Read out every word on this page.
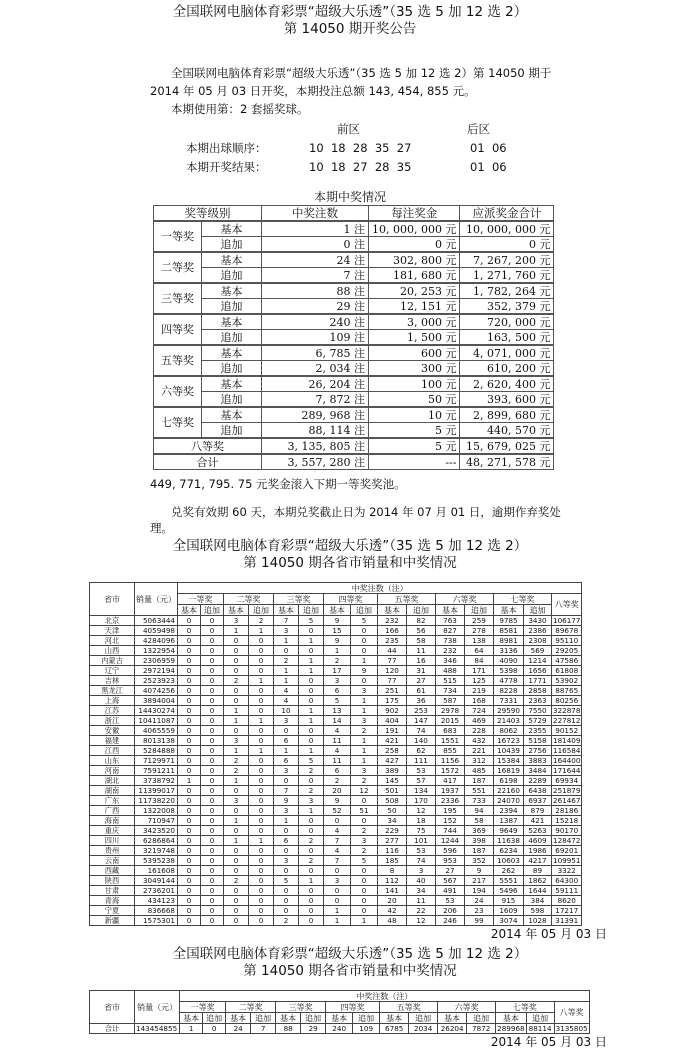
全国联网电脑体育彩票“超级大乐透”（35 选 5 加 12 选 2）
第 14050 期开奖公告
全国联网电脑体育彩票“超级大乐透”（35 选 5 加 12 选 2）第 14050 期于
2014 年 05 月 03 日开奖，本期投注总额 143, 454, 855 元。
本期使用第：2 套摇奖球。
前区	后区
本期出球顺序：	10  18  28  35  27	01  06
本期开奖结果：	10  18  27  28  35	01  06
本期中奖情况
奖等级别		中奖注数	每注奖金	应派奖金合计
一等奖	基本	1 注	10, 000, 000 元	10, 000, 000 元
	追加	0 注	0 元	0 元
二等奖	基本	24 注	302, 800 元	7, 267, 200 元
	追加	7 注	181, 680 元	1, 271, 760 元
三等奖	基本	88 注	20, 253 元	1, 782, 264 元
	追加	29 注	12, 151 元	352, 379 元
四等奖	基本	240 注	3, 000 元	720, 000 元
	追加	109 注	1, 500 元	163, 500 元
五等奖	基本	6, 785 注	600 元	4, 071, 000 元
	追加	2, 034 注	300 元	610, 200 元
六等奖	基本	26, 204 注	100 元	2, 620, 400 元
	追加	7, 872 注	50 元	393, 600 元
七等奖	基本	289, 968 注	10 元	2, 899, 680 元
	追加	88, 114 注	5 元	440, 570 元
八等奖		3, 135, 805 注	5 元	15, 679, 025 元
合计		3, 557, 280 注	---	48, 271, 578 元
449, 771, 795. 75 元奖金滚入下期一等奖奖池。
兑奖有效期 60 天，本期兑奖截止日为 2014 年 07 月 01 日，逾期作弃奖处
理。
全国联网电脑体育彩票“超级大乐透”（35 选 5 加 12 选 2）
第 14050 期各省市销量和中奖情况
省市	销量（元）	中奖注数（注）														
		一等奖		二等奖		三等奖		四等奖		五等奖		六等奖		七等奖		八等奖
		基本	追加	基本	追加	基本	追加	基本	追加	基本	追加	基本	追加	基本	追加	
北京	5063444	0	0	3	2	7	5	9	5	232	82	763	259	9785	3430	106177
天津	4059498	0	0	1	1	3	0	15	0	166	56	827	278	8581	2386	89678
河北	4284096	0	0	0	0	1	1	9	0	235	58	738	138	8981	2308	95110
山西	1322954	0	0	0	0	0	0	1	0	44	11	232	64	3136	569	29205
内蒙古	2306959	0	0	0	0	2	1	2	1	77	16	346	84	4090	1214	47586
辽宁	2972194	0	0	0	0	1	1	17	9	120	31	488	171	5398	1656	61808
吉林	2523923	0	0	2	1	1	0	3	0	77	27	515	125	4778	1771	53902
黑龙江	4074256	0	0	0	0	4	0	6	3	251	61	734	219	8228	2858	88765
上海	3894004	0	0	0	0	4	0	5	1	175	36	587	168	7331	2363	80256
江苏	14430274	0	0	1	0	10	1	13	1	902	253	2978	724	29590	7550	322878
浙江	10411087	0	0	1	1	3	1	14	3	404	147	2015	469	21403	5729	227812
安徽	4065559	0	0	0	0	0	0	4	2	191	74	683	228	8062	2355	90152
福建	8013138	0	0	3	0	6	0	11	1	421	140	1551	432	16723	5158	181409
江西	5284888	0	0	1	1	1	1	4	1	258	62	855	221	10439	2756	116584
山东	7129971	0	0	2	0	6	5	11	1	427	111	1156	312	15384	3883	164400
河南	7591211	0	0	2	0	3	2	6	3	389	53	1572	485	16819	3484	171644
湖北	3738792	1	0	1	0	0	0	2	2	145	57	417	187	6198	2289	69934
湖南	11399017	0	0	0	0	7	2	20	12	501	134	1937	551	22160	6438	251879
广东	11738220	0	0	3	0	9	3	9	0	508	170	2336	733	24070	6937	261467
广西	1322008	0	0	0	0	3	1	52	51	50	12	195	94	2394	879	28186
海南	710947	0	0	1	0	1	0	0	0	34	18	152	58	1387	421	15218
重庆	3423520	0	0	0	0	0	0	4	2	229	75	744	369	9649	5263	90170
四川	6286864	0	0	1	1	6	2	7	3	277	101	1244	398	11638	4609	128472
贵州	3219748	0	0	0	0	0	0	4	2	116	53	596	187	6234	1986	69201
云南	5395238	0	0	0	0	3	2	7	5	185	74	953	352	10603	4217	109951
西藏	161608	0	0	0	0	0	0	0	0	8	3	27	9	262	89	3322
陕西	3049144	0	0	2	0	5	1	3	0	112	40	567	217	5551	1862	64300
甘肃	2736201	0	0	0	0	0	0	0	0	141	34	491	194	5496	1644	59111
青海	434123	0	0	0	0	0	0	0	0	20	11	53	24	915	384	8620
宁夏	836668	0	0	0	0	0	0	1	0	42	22	206	23	1609	598	17217
新疆	1575301	0	0	0	0	2	0	1	1	48	12	246	99	3074	1028	31391
2014 年 05 月 03 日
全国联网电脑体育彩票“超级大乐透”（35 选 5 加 12 选 2）
第 14050 期各省市销量和中奖情况
省市	销量（元）	中奖注数（注）														
		一等奖		二等奖		三等奖		四等奖		五等奖		六等奖		七等奖		八等奖
		基本	追加	基本	追加	基本	追加	基本	追加	基本	追加	基本	追加	基本	追加	
合计	143454855	1	0	24	7	88	29	240	109	6785	2034	26204	7872	289968	88114	3135805
2014 年 05 月 03 日
